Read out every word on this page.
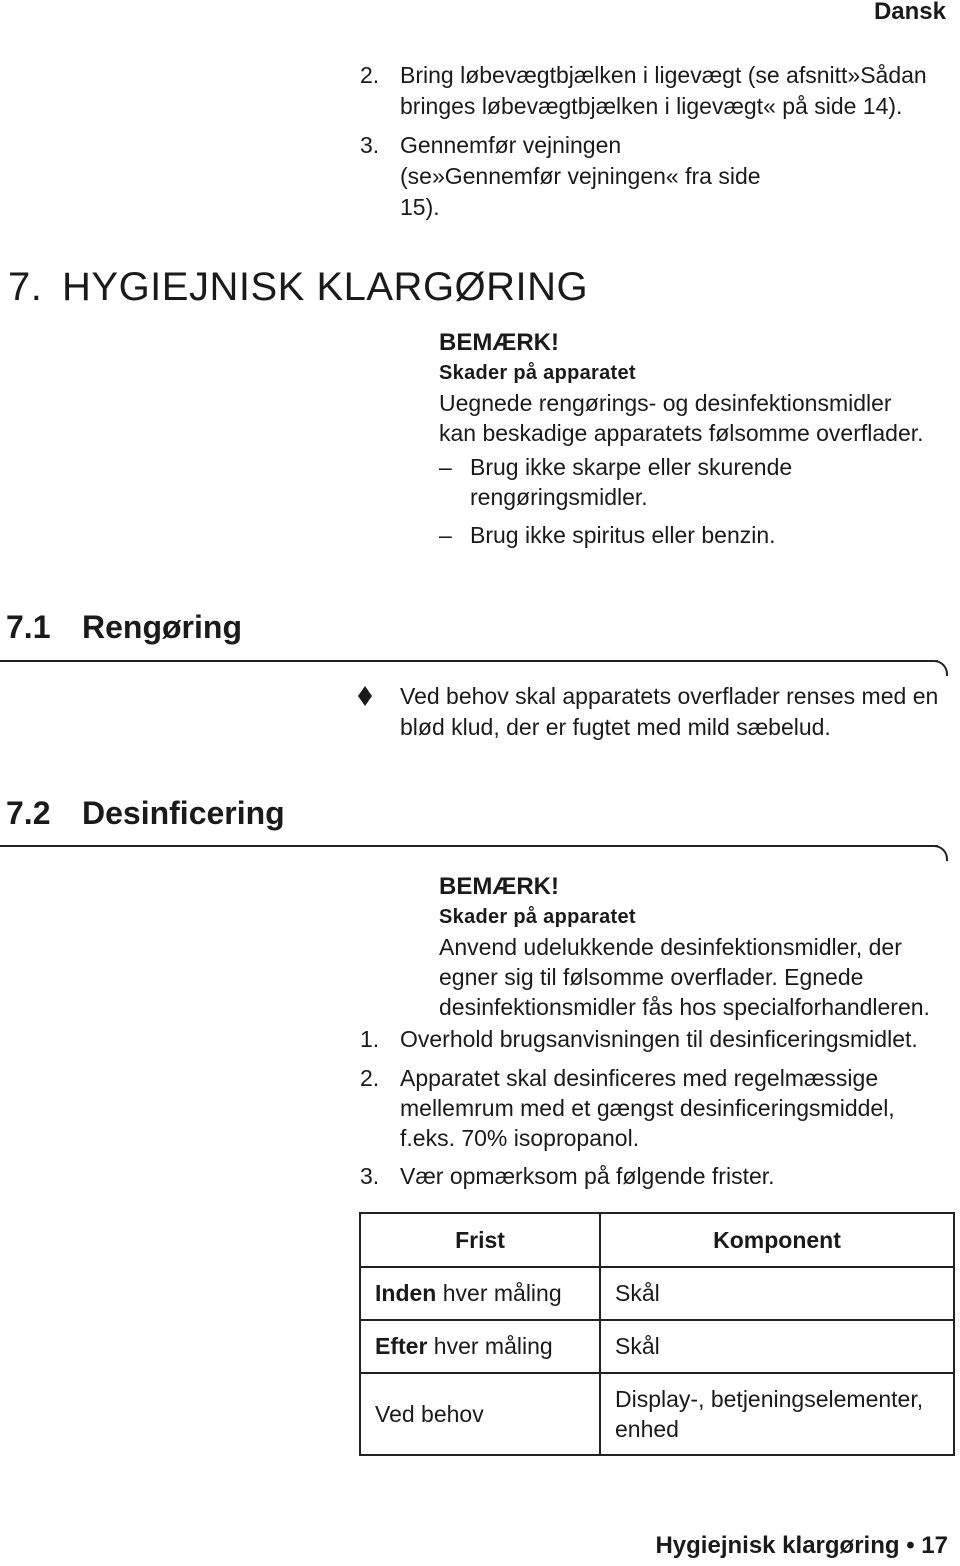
Dansk
2. Bring løbevægtbjælken i ligevægt (se afsnitt»Sådan bringes løbevægtbjælken i ligevægt« på side 14).
3. Gennemfør vejningen (se»Gennemfør vejningen« fra side 15).
7. HYGIEJNISK KLARGØRING
BEMÆRK!
Skader på apparatet
Uegnede rengørings- og desinfektionsmidler kan beskadige apparatets følsomme overflader.
– Brug ikke skarpe eller skurende rengøringsmidler.
– Brug ikke spiritus eller benzin.
7.1 Rengøring
Ved behov skal apparatets overflader renses med en blød klud, der er fugtet med mild sæbelud.
7.2 Desinficering
BEMÆRK!
Skader på apparatet
Anvend udelukkende desinfektionsmidler, der egner sig til følsomme overflader. Egnede desinfektionsmidler fås hos specialforhandleren.
1. Overhold brugsanvisningen til desinficeringsmidlet.
2. Apparatet skal desinficeres med regelmæssige mellemrum med et gængst desinficeringsmiddel, f.eks. 70% isopropanol.
3. Vær opmærksom på følgende frister.
Frist	Komponent
Inden hver måling	Skål
Efter hver måling	Skål
Ved behov	Display-, betjeningselementer, enhed
Hygiejnisk klargøring • 17
